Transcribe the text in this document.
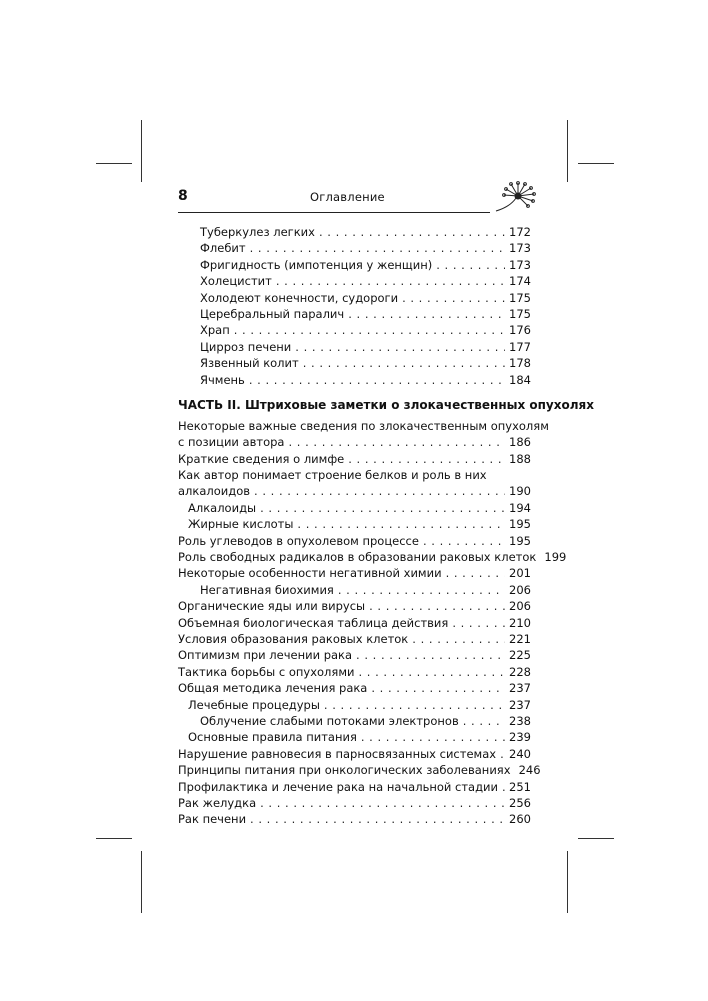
8	Оглавление
Туберкулез легких . . .	172
Флебит . . .	173
Фригидность (импотенция у женщин) . . .	173
Холецистит . . .	174
Холодеют конечности, судороги . . .	175
Церебральный паралич . . .	175
Храп . . .	176
Цирроз печени . . .	177
Язвенный колит . . .	178
Ячмень . . .	184
ЧАСТЬ II. Штриховые заметки о злокачественных опухолях
Некоторые важные сведения по злокачественным опухолям
с позиции автора . . .	186
Краткие сведения о лимфе . . .	188
Как автор понимает строение белков и роль в них
алкалоидов . . .	190
Алкалоиды . . .	194
Жирные кислоты . . .	195
Роль углеводов в опухолевом процессе . . .	195
Роль свободных радикалов в образовании раковых клеток 199
Некоторые особенности негативной химии . . .	201
Негативная биохимия . . .	206
Органические яды или вирусы . . .	206
Объемная биологическая таблица действия . . .	210
Условия образования раковых клеток . . .	221
Оптимизм при лечении рака . . .	225
Тактика борьбы с опухолями . . .	228
Общая методика лечения рака . . .	237
Лечебные процедуры . . .	237
Облучение слабыми потоками электронов . . .	238
Основные правила питания . . .	239
Нарушение равновесия в парносвязанных системах . . . 240
Принципы питания при онкологических заболеваниях 246
Профилактика и лечение рака на начальной стадии . . . 251
Рак желудка . . .	256
Рак печени . . .	260
